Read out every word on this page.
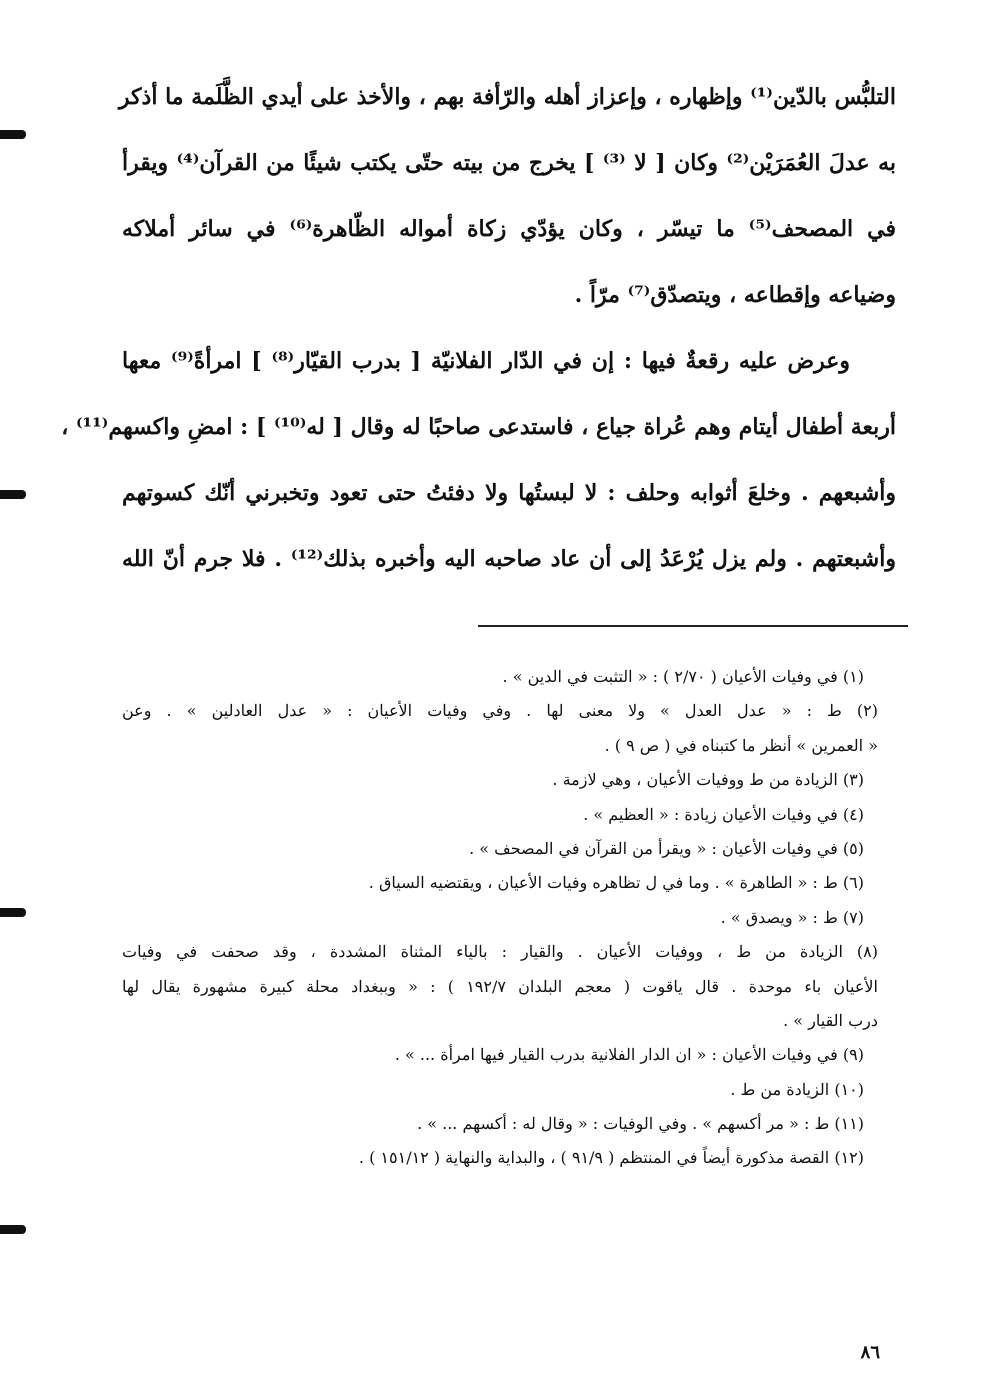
التلبُّس بالدّين⁽¹⁾ وإظهاره ، وإعزاز أهله والرّأفة بهم ، والأخذ على أيدي الظَّلَمة ما أذكر
به عدلَ العُمَرَيْن⁽²⁾ وكان [ لا ⁽³⁾ ] يخرج من بيته حتّى يكتب شيئًا من القرآن⁽⁴⁾ ويقرأ
في المصحف⁽⁵⁾ ما تيسّر ، وكان يؤدّي زكاة أمواله الظّاهرة⁽⁶⁾ في سائر أملاكه
وضياعه وإقطاعه ، ويتصدّق⁽⁷⁾ مرّاً .
وعرض عليه رقعةٌ فيها : إن في الدّار الفلانيّة [ بدرب القيّار⁽⁸⁾ ] امرأةً⁽⁹⁾ معها
أربعة أطفال أيتام وهم عُراة جياع ، فاستدعى صاحبًا له وقال [ له⁽¹⁰⁾ ] : امضِ واكسهم⁽¹¹⁾ ،
وأشبعهم . وخلعَ أثوابه وحلف : لا لبستُها ولا دفئتُ حتى تعود وتخبرني أنّك كسوتهم
وأشبعتهم . ولم يزل يُرْعَدُ إلى أن عاد صاحبه اليه وأخبره بذلك⁽¹²⁾ . فلا جرم أنّ الله
(١) في وفيات الأعيان ( ٢/٧٠ ) : « التثبت في الدين » .
(٢) ط : « عدل العدل » ولا معنى لها . وفي وفيات الأعيان : « عدل العادلين » . وعن
« العمرين » أنظر ما كتبناه في ( ص ٩ ) .
(٣) الزيادة من ط ووفيات الأعيان ، وهي لازمة .
(٤) في وفيات الأعيان زيادة : « العظيم » .
(٥) في وفيات الأعيان : « ويقرأ من القرآن في المصحف » .
(٦) ط : « الطاهرة » . وما في ل تظاهره وفيات الأعيان ، ويقتضيه السياق .
(٧) ط : « ويصدق » .
(٨) الزيادة من ط ، ووفيات الأعيان . والقيار : بالياء المثناة المشددة ، وقد صحفت في وفيات
الأعيان باء موحدة . قال ياقوت ( معجم البلدان ١٩٢/٧ ) : « وببغداد محلة كبيرة مشهورة يقال لها
درب القيار » .
(٩) في وفيات الأعيان : « ان الدار الفلانية بدرب القيار فيها امرأة ... » .
(١٠) الزيادة من ط .
(١١) ط : « مر أكسهم » . وفي الوفيات : « وقال له : أكسهم ... » .
(١٢) القصة مذكورة أيضاً في المنتظم ( ٩١/٩ ) ، والبداية والنهاية ( ١٥١/١٢ ) .
٨٦
